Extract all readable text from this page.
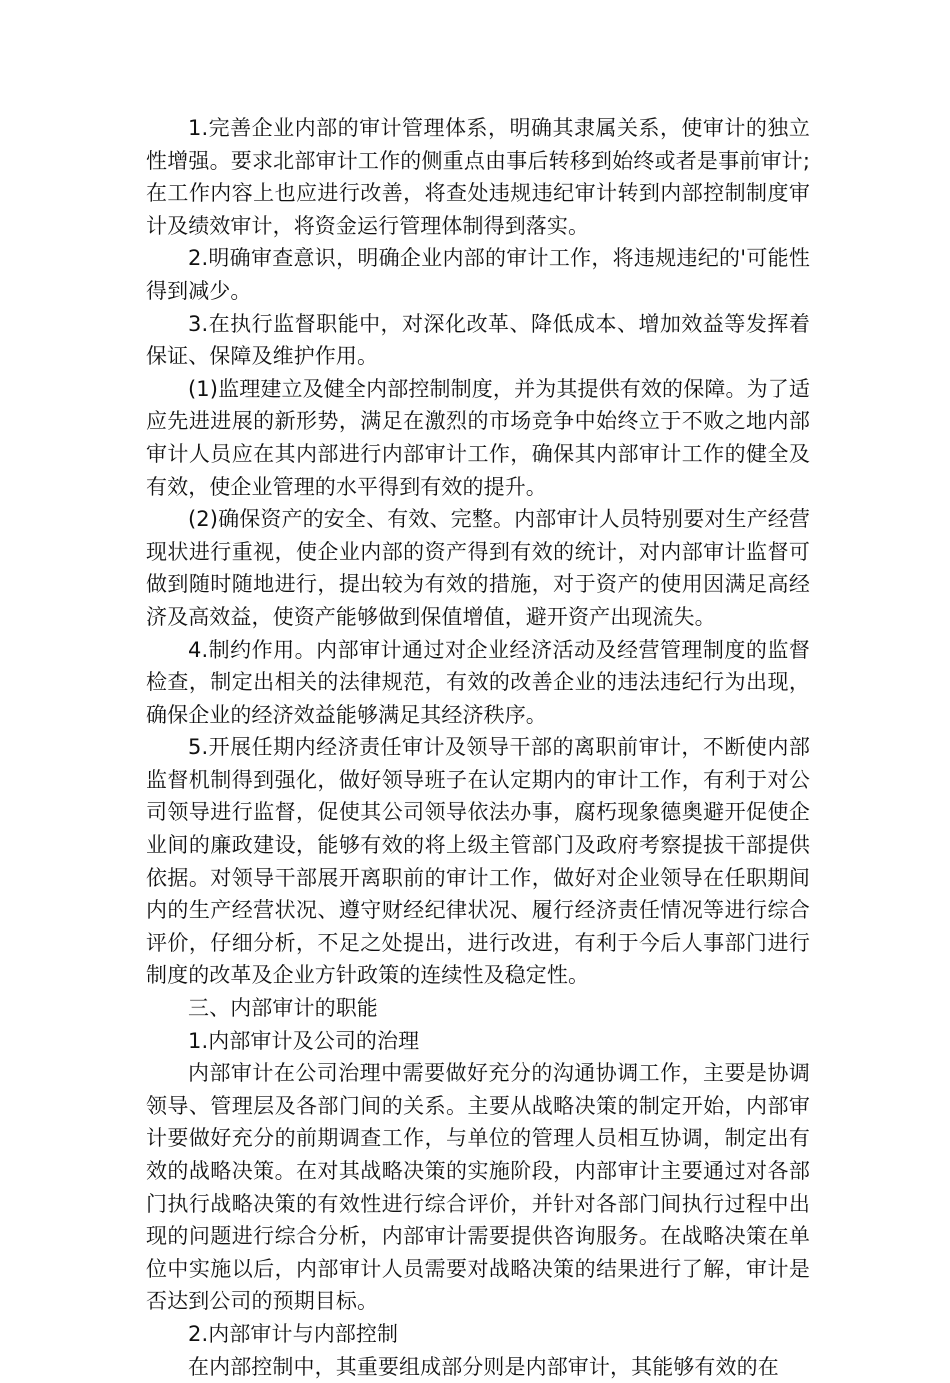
1.完善企业内部的审计管理体系，明确其隶属关系，使审计的独立性增强。要求北部审计工作的侧重点由事后转移到始终或者是事前审计;在工作内容上也应进行改善，将查处违规违纪审计转到内部控制制度审计及绩效审计，将资金运行管理体制得到落实。

2.明确审查意识，明确企业内部的审计工作，将违规违纪的'可能性得到减少。

3.在执行监督职能中，对深化改革、降低成本、增加效益等发挥着保证、保障及维护作用。

(1)监理建立及健全内部控制制度，并为其提供有效的保障。为了适应先进进展的新形势，满足在激烈的市场竞争中始终立于不败之地内部审计人员应在其内部进行内部审计工作，确保其内部审计工作的健全及有效，使企业管理的水平得到有效的提升。

(2)确保资产的安全、有效、完整。内部审计人员特别要对生产经营现状进行重视，使企业内部的资产得到有效的统计，对内部审计监督可做到随时随地进行，提出较为有效的措施，对于资产的使用因满足高经济及高效益，使资产能够做到保值增值，避开资产出现流失。

4.制约作用。内部审计通过对企业经济活动及经营管理制度的监督检查，制定出相关的法律规范，有效的改善企业的违法违纪行为出现，确保企业的经济效益能够满足其经济秩序。

5.开展任期内经济责任审计及领导干部的离职前审计，不断使内部监督机制得到强化，做好领导班子在认定期内的审计工作，有利于对公司领导进行监督，促使其公司领导依法办事，腐朽现象德奥避开促使企业间的廉政建设，能够有效的将上级主管部门及政府考察提拔干部提供依据。对领导干部展开离职前的审计工作，做好对企业领导在任职期间内的生产经营状况、遵守财经纪律状况、履行经济责任情况等进行综合评价，仔细分析，不足之处提出，进行改进，有利于今后人事部门进行制度的改革及企业方针政策的连续性及稳定性。

三、内部审计的职能

1.内部审计及公司的治理

内部审计在公司治理中需要做好充分的沟通协调工作，主要是协调领导、管理层及各部门间的关系。主要从战略决策的制定开始，内部审计要做好充分的前期调查工作，与单位的管理人员相互协调，制定出有效的战略决策。在对其战略决策的实施阶段，内部审计主要通过对各部门执行战略决策的有效性进行综合评价，并针对各部门间执行过程中出现的问题进行综合分析，内部审计需要提供咨询服务。在战略决策在单位中实施以后，内部审计人员需要对战略决策的结果进行了解，审计是否达到公司的预期目标。

2.内部审计与内部控制

在内部控制中，其重要组成部分则是内部审计，其能够有效的在
